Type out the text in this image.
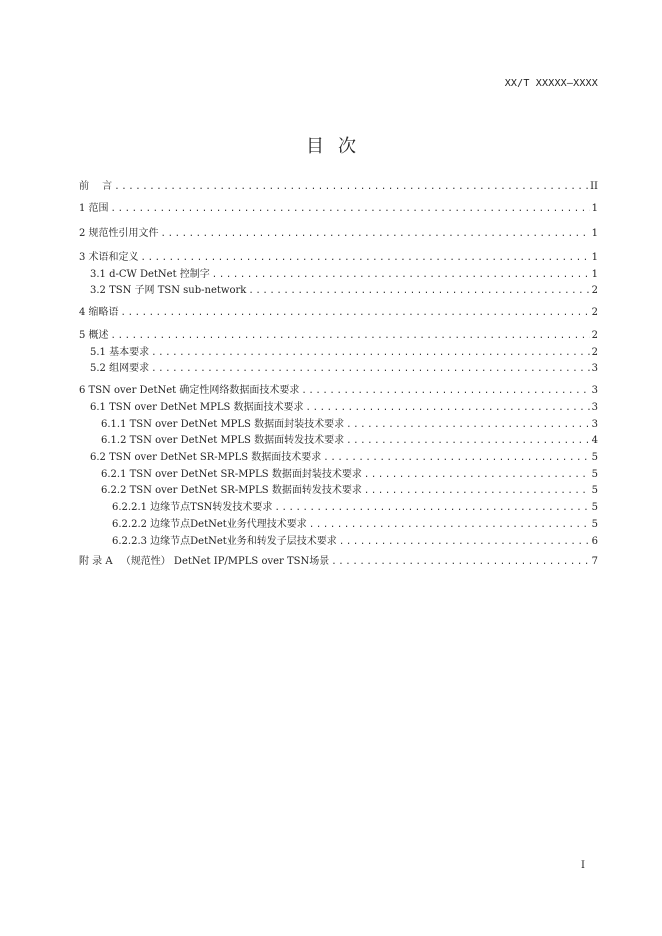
XX/T XXXXX—XXXX
目次
前　 言 .....	II
1 范围 .....	1
2 规范性引用文件 .....	1
3 术语和定义 .....	1
3.1 d-CW DetNet 控制字 .....	1
3.2 TSN 子网 TSN sub-network .....	2
4 缩略语 .....	2
5 概述 .....	2
5.1 基本要求 .....	2
5.2 组网要求 .....	3
6 TSN over DetNet 确定性网络数据面技术要求 .....	3
6.1 TSN over DetNet MPLS 数据面技术要求 .....	3
6.1.1 TSN over DetNet MPLS 数据面封装技术要求 .....	3
6.1.2 TSN over DetNet MPLS 数据面转发技术要求 .....	4
6.2 TSN over DetNet SR-MPLS 数据面技术要求 .....	5
6.2.1 TSN over DetNet SR-MPLS 数据面封装技术要求 .....	5
6.2.2 TSN over DetNet SR-MPLS 数据面转发技术要求 .....	5
6.2.2.1 边缘节点TSN转发技术要求 .....	5
6.2.2.2 边缘节点DetNet业务代理技术要求 .....	5
6.2.2.3 边缘节点DetNet业务和转发子层技术要求 .....	6
附 录 A 　（规范性） DetNet IP/MPLS over TSN场景 .....	7
I
